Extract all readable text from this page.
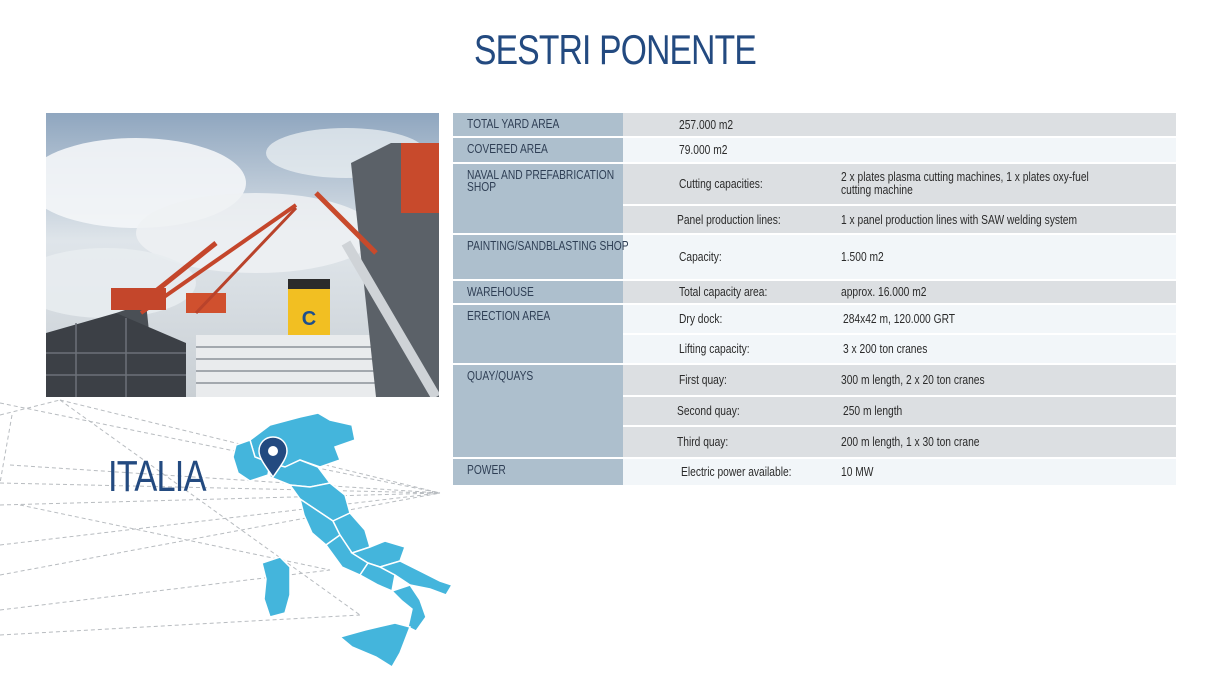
SESTRI PONENTE
C
ITALIA
TOTAL YARD AREA	257.000 m2	
COVERED AREA	79.000 m2	
NAVAL AND PREFABRICATION SHOP	Cutting capacities:	2 x plates plasma cutting machines, 1 x plates oxy-fuel cutting machine
	Panel production lines:	1 x panel production lines with SAW welding system
PAINTING/SANDBLASTING SHOP	Capacity:	1.500 m2
WAREHOUSE	Total capacity area:	approx. 16.000 m2
ERECTION AREA	Dry dock:	284x42 m, 120.000 GRT
	Lifting capacity:	3 x 200 ton cranes
QUAY/QUAYS	First quay:	300 m length, 2 x 20 ton cranes
	Second quay:	250 m length
	Third quay:	200 m length, 1 x 30 ton crane
POWER	Electric power available:	10 MW
